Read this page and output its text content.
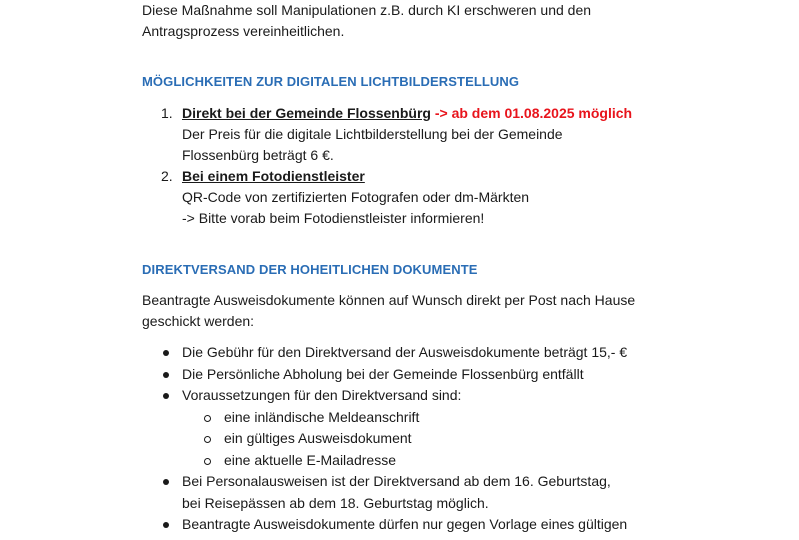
Diese Maßnahme soll Manipulationen z.B. durch KI erschweren und den

Antragsprozess vereinheitlichen.

MÖGLICHKEITEN ZUR DIGITALEN LICHTBILDERSTELLUNG

1. Direkt bei der Gemeinde Flossenbürg -> ab dem 01.08.2025 möglich
Der Preis für die digitale Lichtbilderstellung bei der Gemeinde
Flossenbürg beträgt 6 €.
2. Bei einem Fotodienstleister
QR-Code von zertifizierten Fotografen oder dm-Märkten
-> Bitte vorab beim Fotodienstleister informieren!

DIREKTVERSAND DER HOHEITLICHEN DOKUMENTE

Beantragte Ausweisdokumente können auf Wunsch direkt per Post nach Hause

geschickt werden:

Die Gebühr für den Direktversand der Ausweisdokumente beträgt 15,- €
Die Persönliche Abholung bei der Gemeinde Flossenbürg entfällt
Voraussetzungen für den Direktversand sind:
eine inländische Meldeanschrift
ein gültiges Ausweisdokument
eine aktuelle E-Mailadresse
Bei Personalausweisen ist der Direktversand ab dem 16. Geburtstag,
bei Reisepässen ab dem 18. Geburtstag möglich.
Beantragte Ausweisdokumente dürfen nur gegen Vorlage eines gültigen
